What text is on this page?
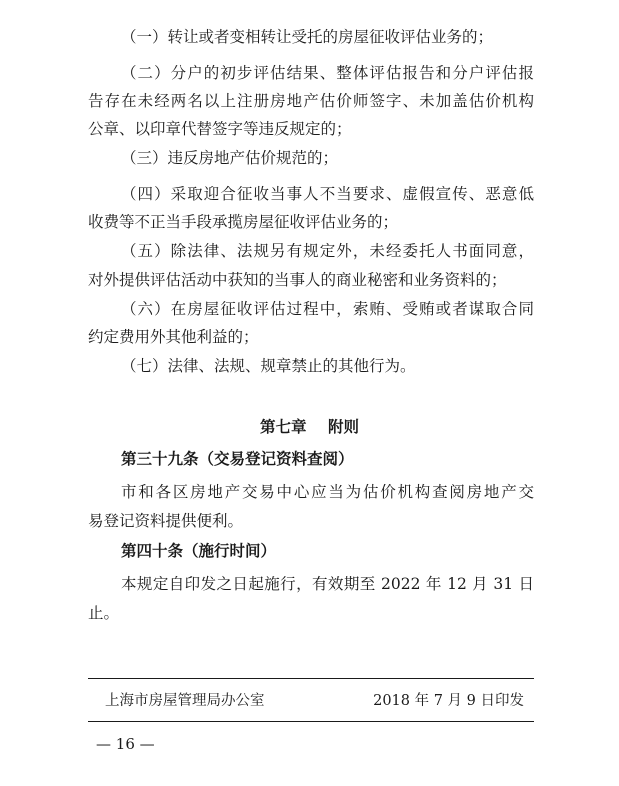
（一）转让或者变相转让受托的房屋征收评估业务的；
（二）分户的初步评估结果、整体评估报告和分户评估报
告存在未经两名以上注册房地产估价师签字、未加盖估价机构
公章、以印章代替签字等违反规定的；
（三）违反房地产估价规范的；
（四）采取迎合征收当事人不当要求、虚假宣传、恶意低
收费等不正当手段承揽房屋征收评估业务的；
（五）除法律、法规另有规定外，未经委托人书面同意，
对外提供评估活动中获知的当事人的商业秘密和业务资料的；
（六）在房屋征收评估过程中，索贿、受贿或者谋取合同
约定费用外其他利益的；
（七）法律、法规、规章禁止的其他行为。
第七章 附则
第三十九条（交易登记资料查阅）
市和各区房地产交易中心应当为估价机构查阅房地产交
易登记资料提供便利。
第四十条（施行时间）
本规定自印发之日起施行，有效期至 2022 年 12 月 31 日
止。
上海市房屋管理局办公室	2018 年 7 月 9 日印发
— 16 —
